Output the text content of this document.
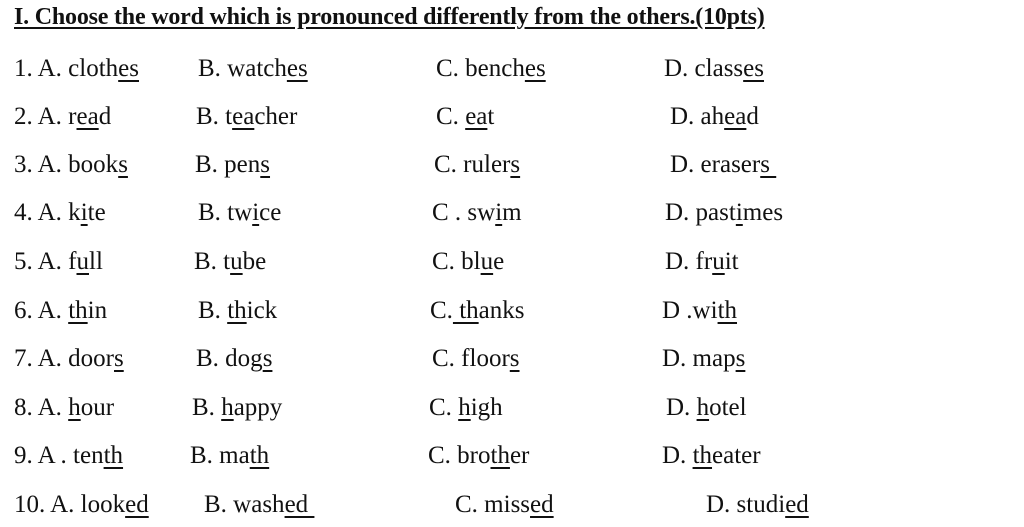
I. Choose the word which is pronounced differently from the others.(10pts)
1. A. clothes B. watches	C. benches	D. classes
2. A. read	B. teacher	C. eat	D. ahead
3. A. books	B. pens	C. rulers	D. erasers
4. A. kite	B. twice	C . swim	D. pastimes
5. A. full	B. tube	C. blue	D. fruit
6. A. thin	B. thick	C. thanks	D .with
7. A. doors	B. dogs	C. floors	D. maps
8. A. hour	B. happy	C. high	D. hotel
9. A . tenth	B. math	C. brother	D. theater
10. A. looked B. washed	C. missed	D. studied
